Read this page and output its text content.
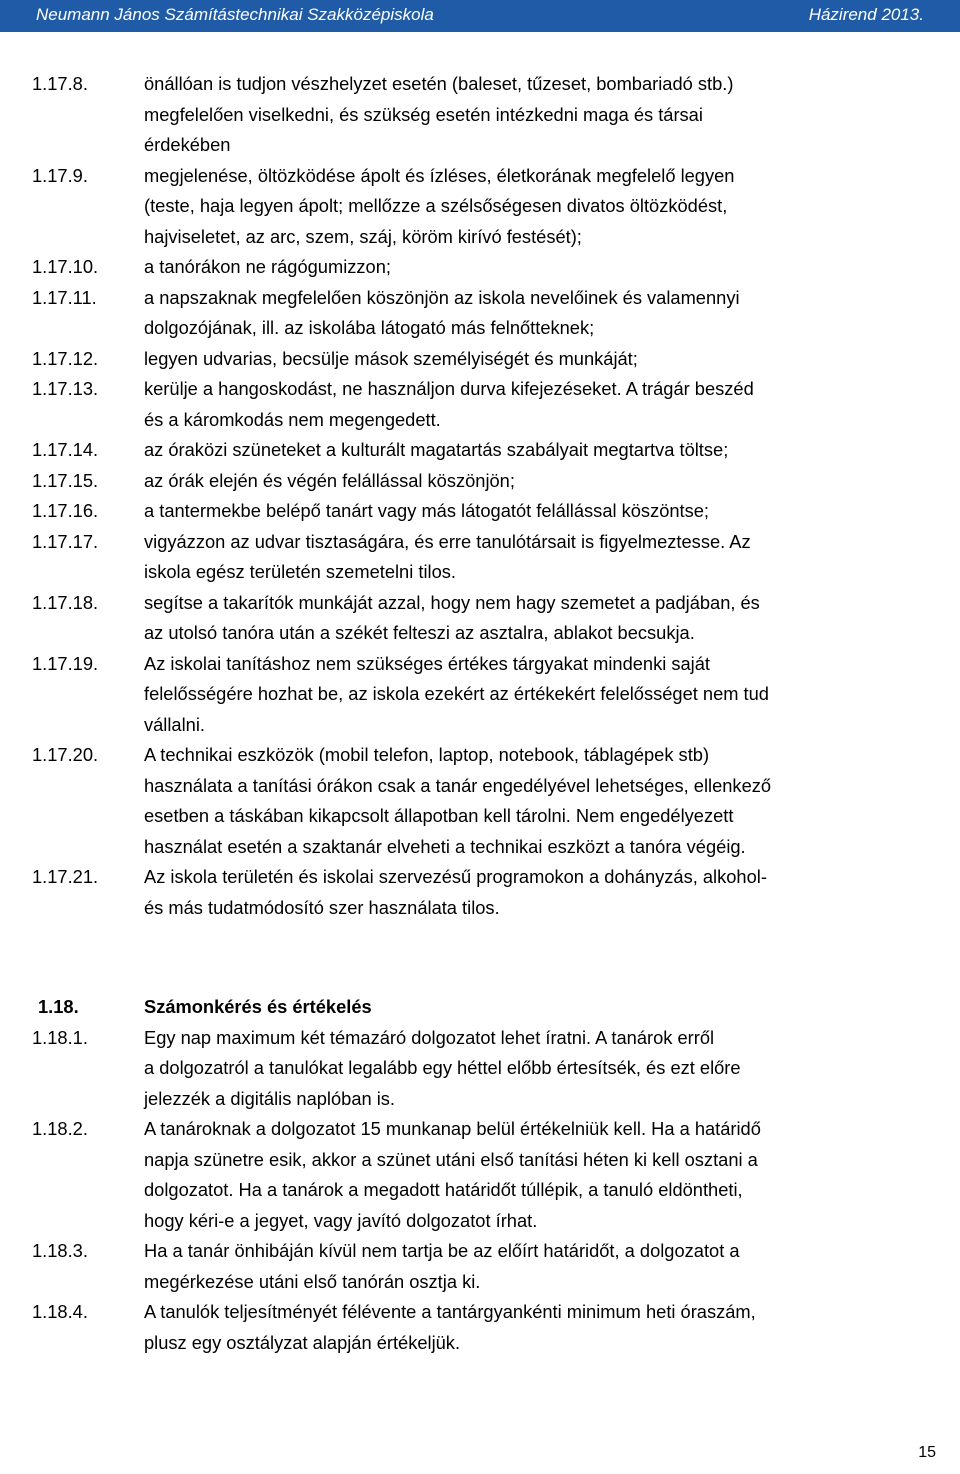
Neumann János Számítástechnikai Szakközépiskola	Házirend 2013.
1.17.8.	önállóan is tudjon vészhelyzet esetén (baleset, tűzeset, bombariadó stb.)
megfelelően viselkedni, és szükség esetén intézkedni maga és társai
érdekében
1.17.9.	megjelenése, öltözködése ápolt és ízléses, életkorának megfelelő legyen
(teste, haja legyen ápolt; mellőzze a szélsőségesen divatos öltözködést,
hajviseletet, az arc, szem, száj, köröm kirívó festését);
1.17.10.	a tanórákon ne rágógumizzon;
1.17.11.	a napszaknak megfelelően köszönjön az iskola nevelőinek és valamennyi
dolgozójának, ill. az iskolába látogató más felnőtteknek;
1.17.12.	legyen udvarias, becsülje mások személyiségét és munkáját;
1.17.13.	kerülje a hangoskodást, ne használjon durva kifejezéseket. A trágár beszéd
és a káromkodás nem megengedett.
1.17.14.	az óraközi szüneteket a kulturált magatartás szabályait megtartva töltse;
1.17.15.	az órák elején és végén felállással köszönjön;
1.17.16.	a tantermekbe belépő tanárt vagy más látogatót felállással köszöntse;
1.17.17.	vigyázzon az udvar tisztaságára, és erre tanulótársait is figyelmeztesse. Az
iskola egész területén szemetelni tilos.
1.17.18.	segítse a takarítók munkáját azzal, hogy nem hagy szemetet a padjában, és
az utolsó tanóra után a székét felteszi az asztalra, ablakot becsukja.
1.17.19.	Az iskolai tanításhoz nem szükséges értékes tárgyakat mindenki saját
felelősségére hozhat be, az iskola ezekért az értékekért felelősséget nem tud
vállalni.
1.17.20.	A technikai eszközök (mobil telefon, laptop, notebook, táblagépek stb)
használata a tanítási órákon csak a tanár engedélyével lehetséges, ellenkező
esetben a táskában kikapcsolt állapotban kell tárolni. Nem engedélyezett
használat esetén a szaktanár elveheti a technikai eszközt a tanóra végéig.
1.17.21.	Az iskola területén és iskolai szervezésű programokon a dohányzás, alkohol-
és más tudatmódosító szer használata tilos.
1.18.	Számonkérés és értékelés
1.18.1.	Egy nap maximum két témazáró dolgozatot lehet íratni. A tanárok erről
a dolgozatról a tanulókat legalább egy héttel előbb értesítsék, és ezt előre
jelezzék a digitális naplóban is.
1.18.2.	A tanároknak a dolgozatot 15 munkanap belül értékelniük kell. Ha a határidő
napja szünetre esik, akkor a szünet utáni első tanítási héten ki kell osztani a
dolgozatot. Ha a tanárok a megadott határidőt túllépik, a tanuló eldöntheti,
hogy kéri-e a jegyet, vagy javító dolgozatot írhat.
1.18.3.	Ha a tanár önhibáján kívül nem tartja be az előírt határidőt, a dolgozatot a
megérkezése utáni első tanórán osztja ki.
1.18.4.	A tanulók teljesítményét félévente a tantárgyankénti minimum heti óraszám,
plusz egy osztályzat alapján értékeljük.
15
